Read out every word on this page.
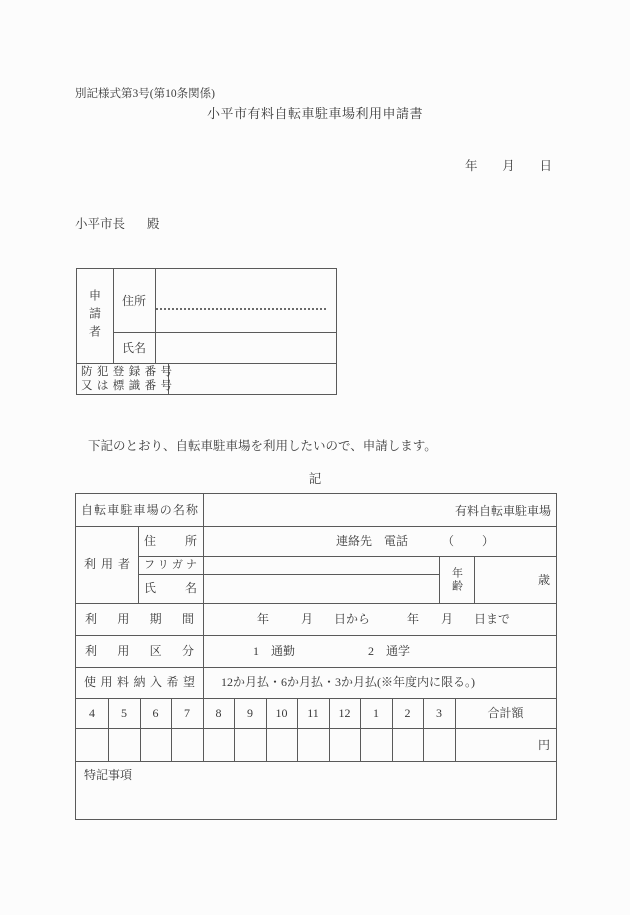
別記様式第3号(第10条関係)
小平市有料自転車駐車場利用申請書
年 月 日
小平市長 殿
申請者	住所
氏名
防犯登録番号
又は標識番号
下記のとおり、自転車駐車場を利用したいので、申請します。
記
自転車駐車場の名称	有料自転車駐車場
利用者
住所	連絡先　電話	（ ）
フリガナ
氏名	年齢	歳
利用期間	年	月 日から	年 月 日まで
利用区分	1　通勤	2　通学
使用料納入希望	12か月払・6か月払・3か月払(※年度内に限る。)
4	5	6	7	8	9	10	11	12	1	2	3	合計額
円
特記事項
